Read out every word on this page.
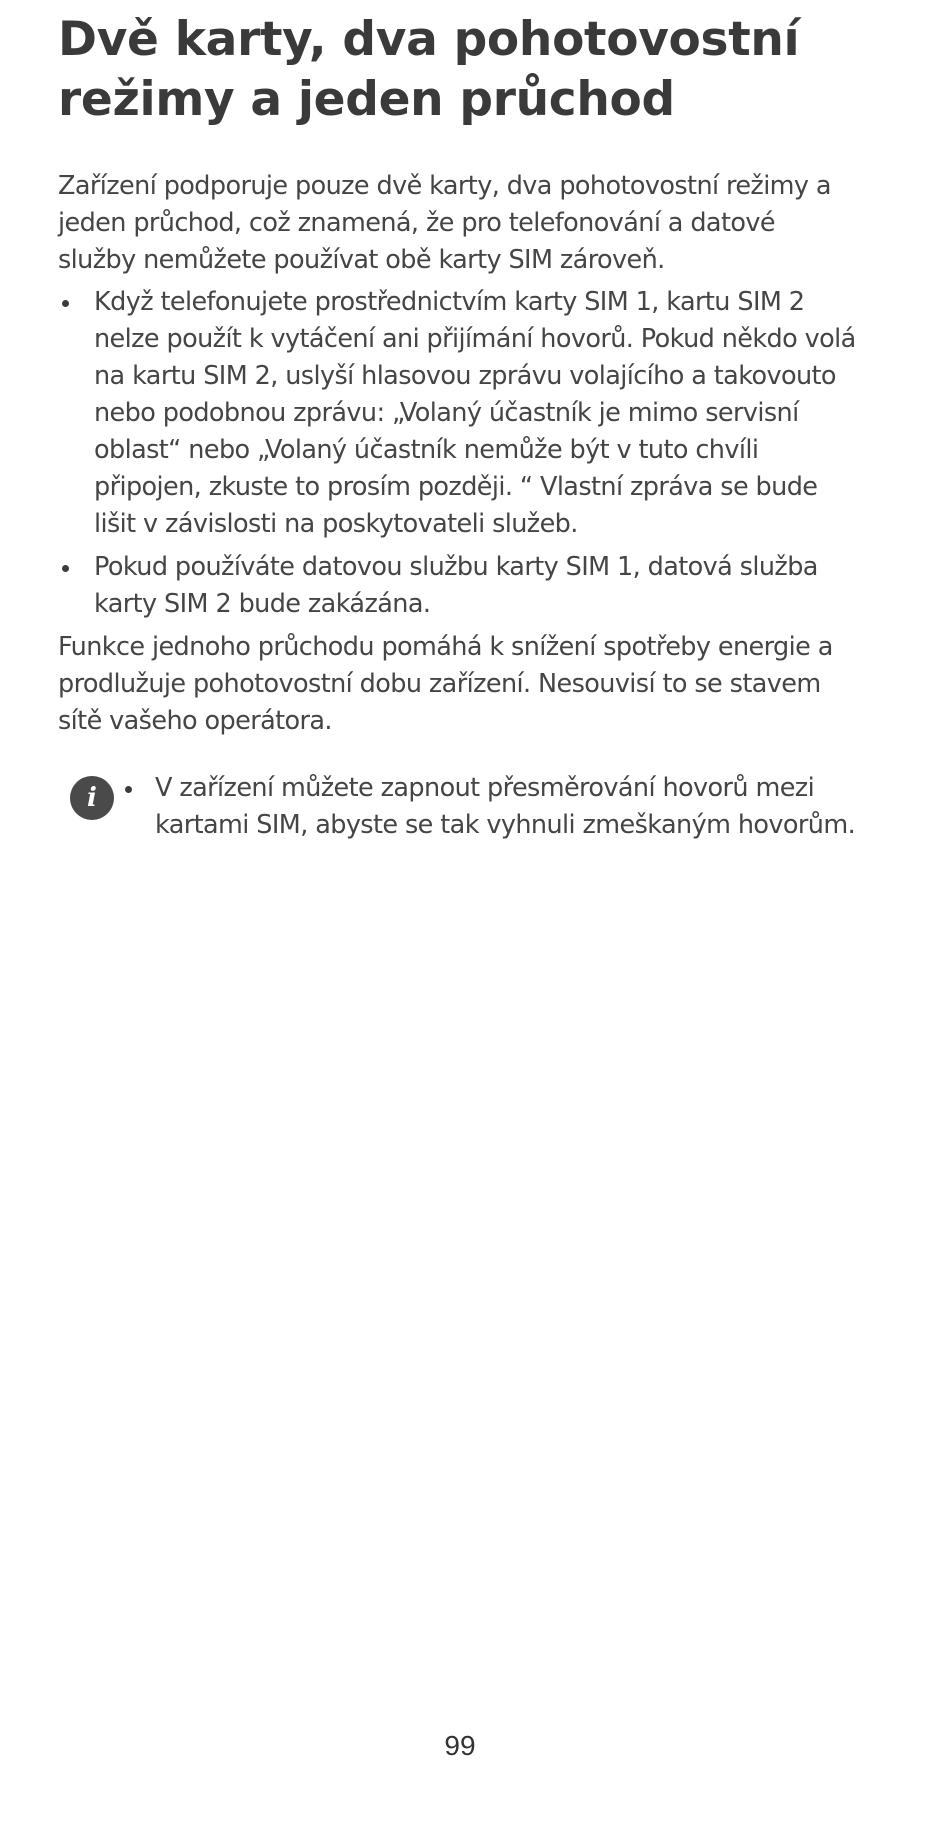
Dvě karty, dva pohotovostní
režimy a jeden průchod

Zařízení podporuje pouze dvě karty, dva pohotovostní režimy a jeden průchod, což znamená, že pro telefonování a datové služby nemůžete používat obě karty SIM zároveň.

Když telefonujete prostřednictvím karty SIM 1, kartu SIM 2 nelze použít k vytáčení ani přijímání hovorů. Pokud někdo volá na kartu SIM 2, uslyší hlasovou zprávu volajícího a takovouto nebo podobnou zprávu: „Volaný účastník je mimo servisní oblast“ nebo „Volaný účastník nemůže být v tuto chvíli připojen, zkuste to prosím později. “ Vlastní zpráva se bude lišit v závislosti na poskytovateli služeb.
Pokud používáte datovou službu karty SIM 1, datová služba karty SIM 2 bude zakázána.

Funkce jednoho průchodu pomáhá k snížení spotřeby energie a prodlužuje pohotovostní dobu zařízení. Nesouvisí to se stavem sítě vašeho operátora.

i	V zařízení můžete zapnout přesměrování hovorů mezi kartami SIM, abyste se tak vyhnuli zmeškaným hovorům.
99
